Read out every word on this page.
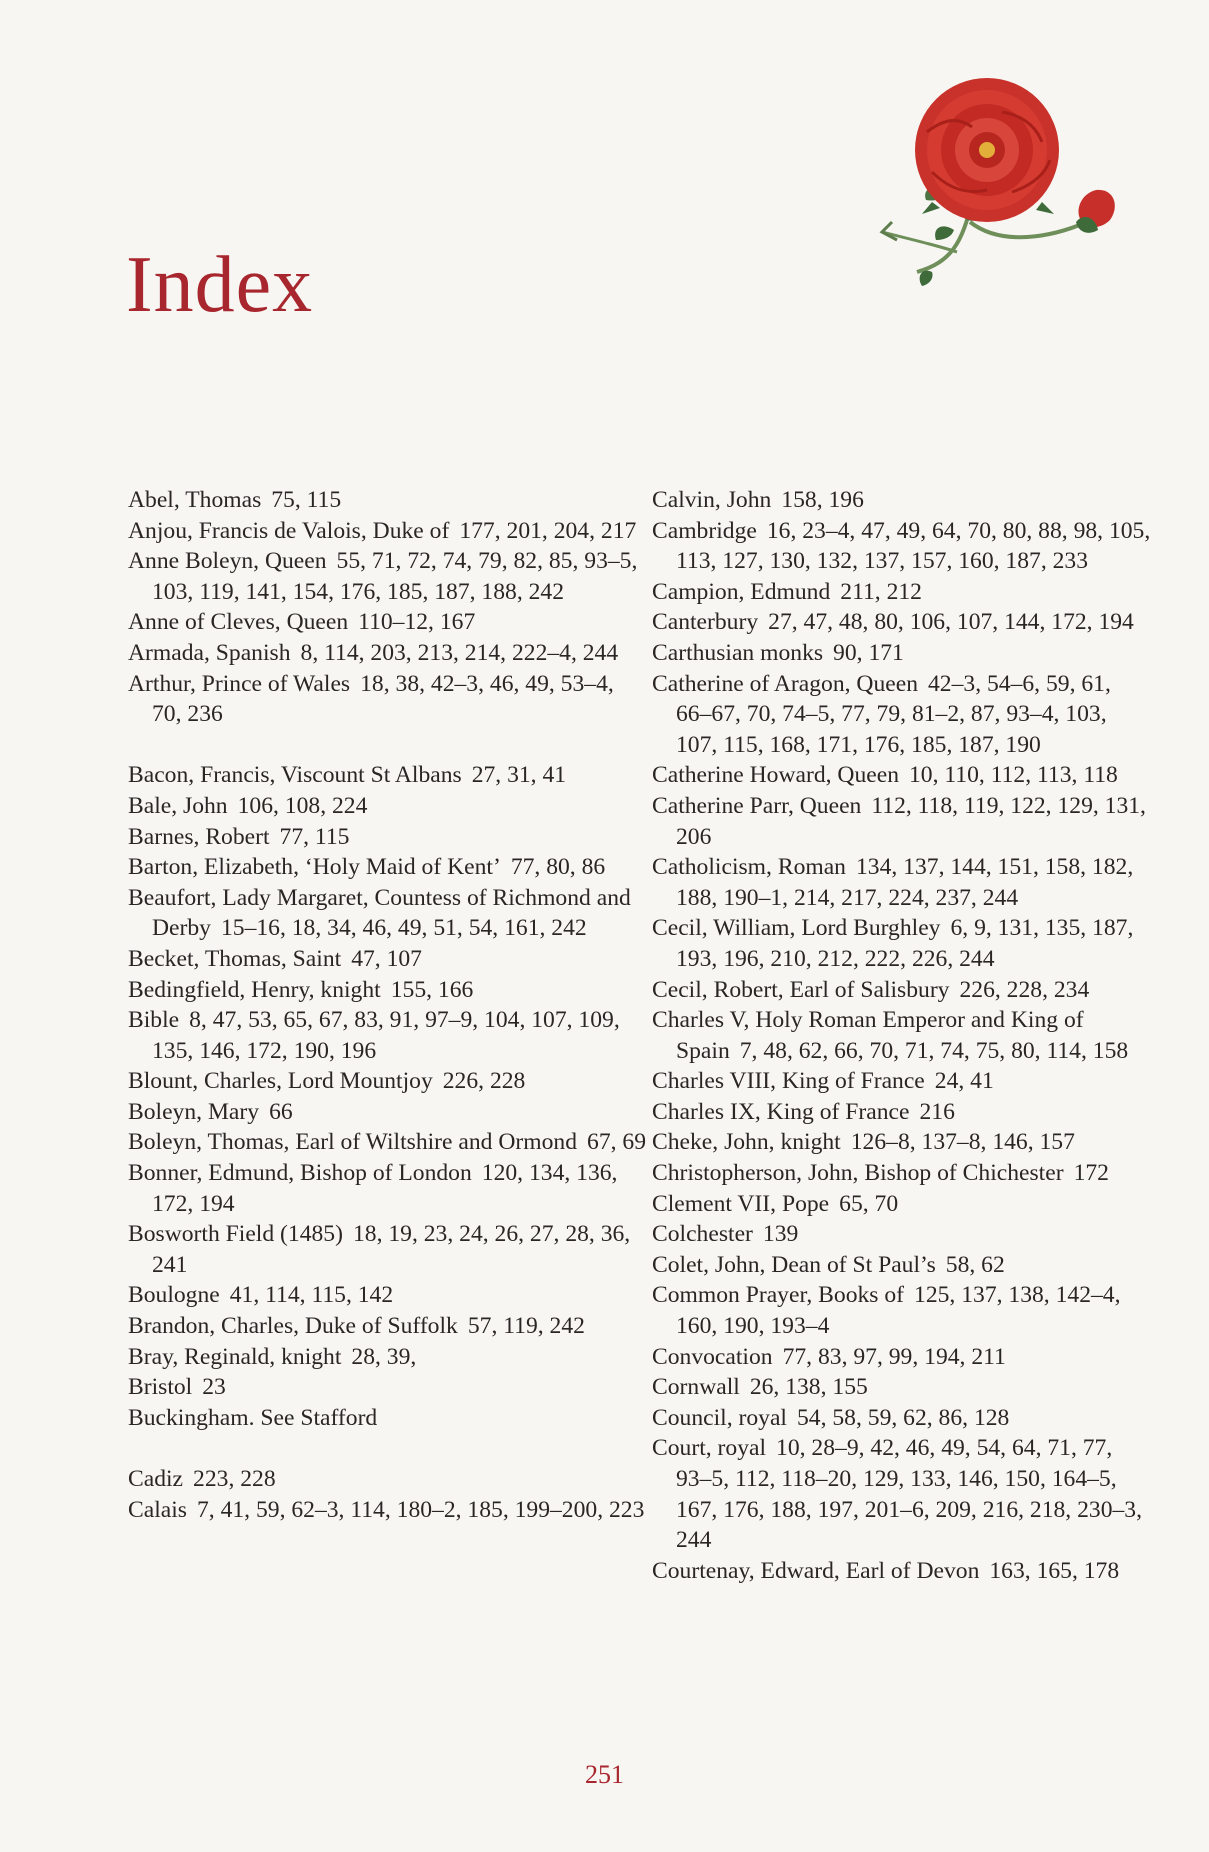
Index
Abel, Thomas 75, 115
Anjou, Francis de Valois, Duke of 177, 201, 204, 217
Anne Boleyn, Queen 55, 71, 72, 74, 79, 82, 85, 93–5, 103, 119, 141, 154, 176, 185, 187, 188, 242
Anne of Cleves, Queen 110–12, 167
Armada, Spanish 8, 114, 203, 213, 214, 222–4, 244
Arthur, Prince of Wales 18, 38, 42–3, 46, 49, 53–4, 70, 236
Bacon, Francis, Viscount St Albans 27, 31, 41
Bale, John 106, 108, 224
Barnes, Robert 77, 115
Barton, Elizabeth, ‘Holy Maid of Kent’ 77, 80, 86
Beaufort, Lady Margaret, Countess of Richmond and Derby 15–16, 18, 34, 46, 49, 51, 54, 161, 242
Becket, Thomas, Saint 47, 107
Bedingfield, Henry, knight 155, 166
Bible 8, 47, 53, 65, 67, 83, 91, 97–9, 104, 107, 109, 135, 146, 172, 190, 196
Blount, Charles, Lord Mountjoy 226, 228
Boleyn, Mary 66
Boleyn, Thomas, Earl of Wiltshire and Ormond 67, 69
Bonner, Edmund, Bishop of London 120, 134, 136, 172, 194
Bosworth Field (1485) 18, 19, 23, 24, 26, 27, 28, 36, 241
Boulogne 41, 114, 115, 142
Brandon, Charles, Duke of Suffolk 57, 119, 242
Bray, Reginald, knight 28, 39,
Bristol 23
Buckingham. See Stafford
Cadiz 223, 228
Calais 7, 41, 59, 62–3, 114, 180–2, 185, 199–200, 223
Calvin, John 158, 196
Cambridge 16, 23–4, 47, 49, 64, 70, 80, 88, 98, 105, 113, 127, 130, 132, 137, 157, 160, 187, 233
Campion, Edmund 211, 212
Canterbury 27, 47, 48, 80, 106, 107, 144, 172, 194
Carthusian monks 90, 171
Catherine of Aragon, Queen 42–3, 54–6, 59, 61, 66–67, 70, 74–5, 77, 79, 81–2, 87, 93–4, 103, 107, 115, 168, 171, 176, 185, 187, 190
Catherine Howard, Queen 10, 110, 112, 113, 118
Catherine Parr, Queen 112, 118, 119, 122, 129, 131, 206
Catholicism, Roman 134, 137, 144, 151, 158, 182, 188, 190–1, 214, 217, 224, 237, 244
Cecil, William, Lord Burghley 6, 9, 131, 135, 187, 193, 196, 210, 212, 222, 226, 244
Cecil, Robert, Earl of Salisbury 226, 228, 234
Charles V, Holy Roman Emperor and King of Spain 7, 48, 62, 66, 70, 71, 74, 75, 80, 114, 158
Charles VIII, King of France 24, 41
Charles IX, King of France 216
Cheke, John, knight 126–8, 137–8, 146, 157
Christopherson, John, Bishop of Chichester 172
Clement VII, Pope 65, 70
Colchester 139
Colet, John, Dean of St Paul’s 58, 62
Common Prayer, Books of 125, 137, 138, 142–4, 160, 190, 193–4
Convocation 77, 83, 97, 99, 194, 211
Cornwall 26, 138, 155
Council, royal 54, 58, 59, 62, 86, 128
Court, royal 10, 28–9, 42, 46, 49, 54, 64, 71, 77, 93–5, 112, 118–20, 129, 133, 146, 150, 164–5, 167, 176, 188, 197, 201–6, 209, 216, 218, 230–3, 244
Courtenay, Edward, Earl of Devon 163, 165, 178
251
